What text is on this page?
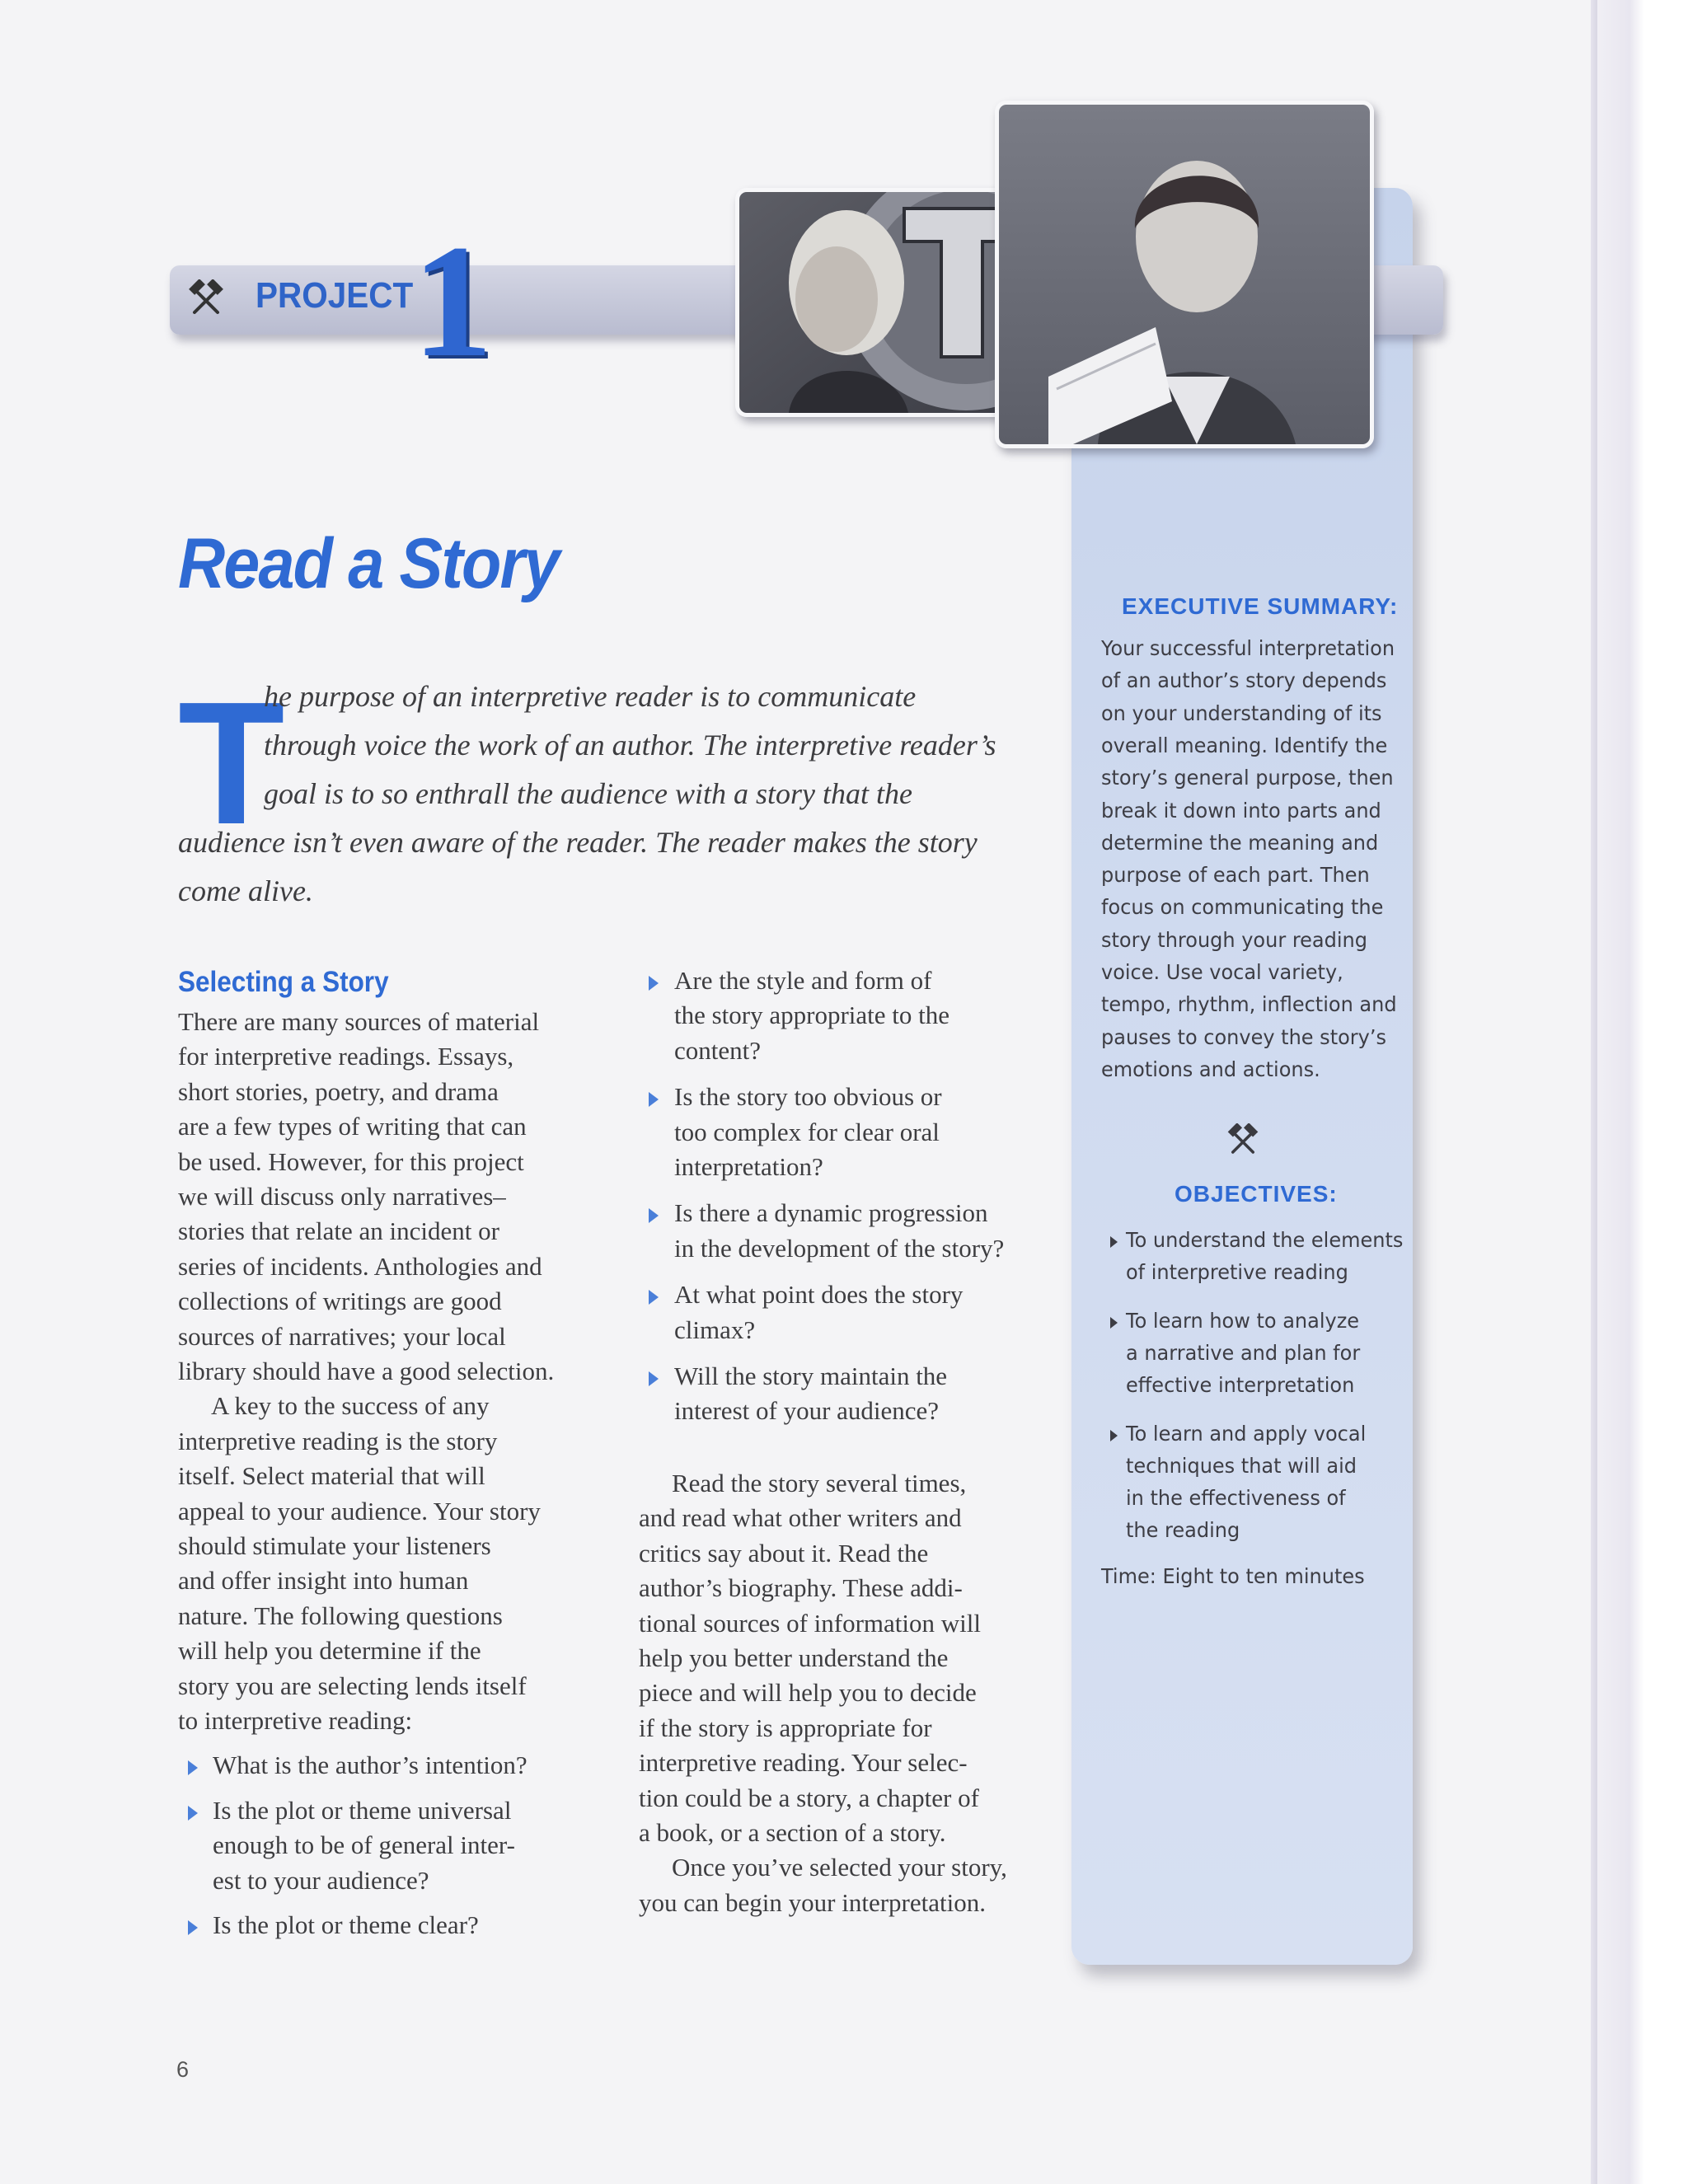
PROJECT
1
Read a Story
T
he purpose of an interpretive reader is to communicate
through voice the work of an author. The interpretive reader’s
goal is to so enthrall the audience with a story that the
audience isn’t even aware of the reader. The reader makes the story
come alive.
Selecting a Story
There are many sources of material
for interpretive readings. Essays,
short stories, poetry, and drama
are a few types of writing that can
be used. However, for this project
we will discuss only narratives–
stories that relate an incident or
series of incidents. Anthologies and
collections of writings are good
sources of narratives; your local
library should have a good selection.
A key to the success of any
interpretive reading is the story
itself. Select material that will
appeal to your audience. Your story
should stimulate your listeners
and offer insight into human
nature. The following questions
will help you determine if the
story you are selecting lends itself
to interpretive reading:
What is the author’s intention?
Is the plot or theme universal
enough to be of general inter-
est to your audience?
Is the plot or theme clear?
Are the style and form of
the story appropriate to the
content?
Is the story too obvious or
too complex for clear oral
interpretation?
Is there a dynamic progression
in the development of the story?
At what point does the story
climax?
Will the story maintain the
interest of your audience?
Read the story several times,
and read what other writers and
critics say about it. Read the
author’s biography. These addi-
tional sources of information will
help you better understand the
piece and will help you to decide
if the story is appropriate for
interpretive reading. Your selec-
tion could be a story, a chapter of
a book, or a section of a story.
Once you’ve selected your story,
you can begin your interpretation.
EXECUTIVE SUMMARY:
Your successful interpretation
of an author’s story depends
on your understanding of its
overall meaning. Identify the
story’s general purpose, then
break it down into parts and
determine the meaning and
purpose of each part. Then
focus on communicating the
story through your reading
voice. Use vocal variety,
tempo, rhythm, inflection and
pauses to convey the story’s
emotions and actions.
OBJECTIVES:
To understand the elements
of interpretive reading
To learn how to analyze
a narrative and plan for
effective interpretation
To learn and apply vocal
techniques that will aid
in the effectiveness of
the reading
Time: Eight to ten minutes
6
